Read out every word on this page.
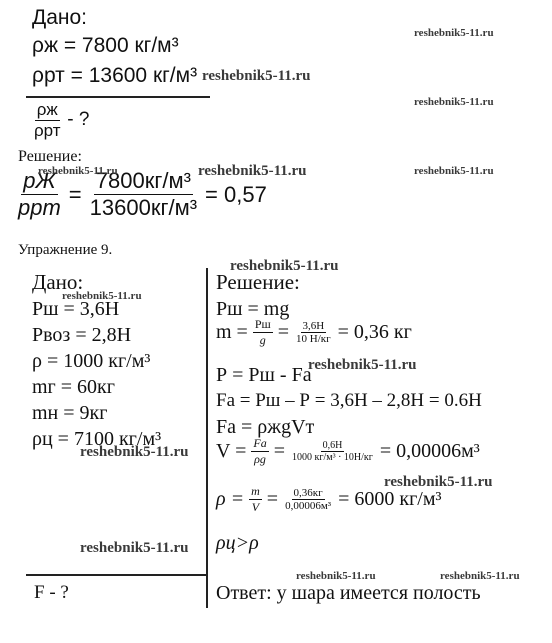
Дано:
ρж = 7800 кг/м³
ρрт = 13600 кг/м³
$\frac{\rho ж}{\text{ρрт}}$ - ?
Решение:
$\frac{pЖ}{\text{pрт}} = \frac{\text{7800кг/м³}}{\text{13600кг/м³}} = 0,57$
Упражнение 9.
Дано:
Рш = 3,6Н
Рвоз = 2,8Н
ρ = 1000 кг/м³
mг = 60кг
mн = 9кг
ρц = 7100 кг/м³
F - ?
Решение:
Рш = mg
$m = \frac{Рш}{g} = \frac{3,6Н}{10 Н/кг} = 0,36$ кг
Р = Рш - Fа
Fа = Рш – Р = 3,6Н – 2,8Н = 0.6Н
Fа = ρжgVт
$V = \frac{Fа}{\rho g} = \frac{0,6Н}{\text{1000 кг/м³ · 10Н/кг}} = 0,00006м^3$
$\rho = \frac{m}{V} = \frac{0,36кг}{\text{0,00006м³}} = 6000$ кг/м³
ρц>ρ
Ответ: у шара имеется полость
reshebnik5-11.ru
reshebnik5-11.ru
reshebnik5-11.ru
reshebnik5-11.ru	reshebnik5-11.ru	reshebnik5-11.ru
reshebnik5-11.ru
reshebnik5-11.ru
reshebnik5-11.ru
reshebnik5-11.ru
reshebnik5-11.ru
reshebnik5-11.ru
reshebnik5-11.ru	reshebnik5-11.ru
